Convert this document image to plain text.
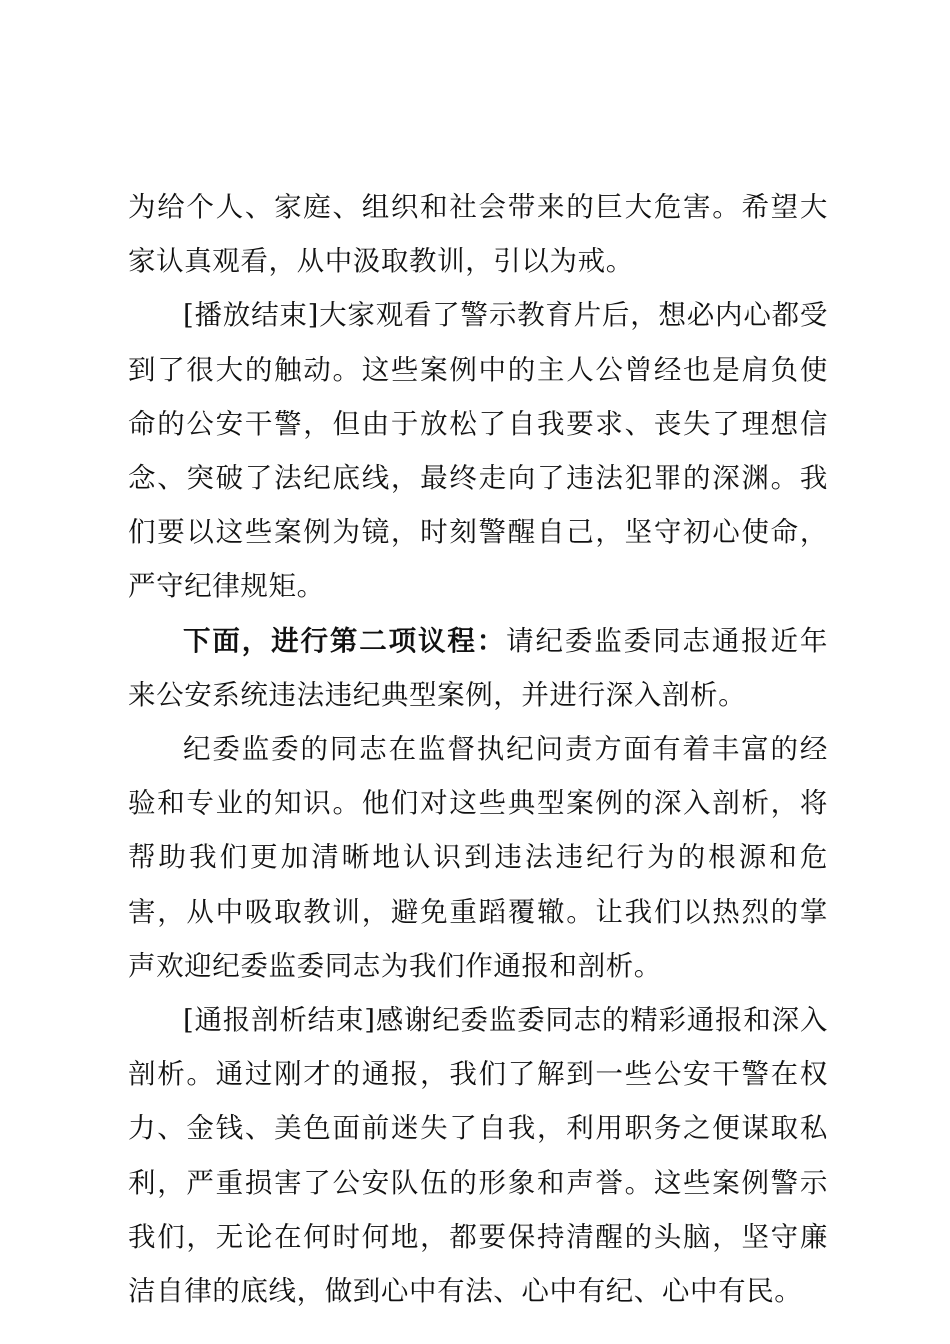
为给个人、家庭、组织和社会带来的巨大危害。希望大家认真观看，从中汲取教训，引以为戒。

[播放结束]大家观看了警示教育片后，想必内心都受到了很大的触动。这些案例中的主人公曾经也是肩负使命的公安干警，但由于放松了自我要求、丧失了理想信念、突破了法纪底线，最终走向了违法犯罪的深渊。我们要以这些案例为镜，时刻警醒自己，坚守初心使命，严守纪律规矩。

下面，进行第二项议程：请纪委监委同志通报近年来公安系统违法违纪典型案例，并进行深入剖析。

纪委监委的同志在监督执纪问责方面有着丰富的经验和专业的知识。他们对这些典型案例的深入剖析，将帮助我们更加清晰地认识到违法违纪行为的根源和危害，从中吸取教训，避免重蹈覆辙。让我们以热烈的掌声欢迎纪委监委同志为我们作通报和剖析。

[通报剖析结束]感谢纪委监委同志的精彩通报和深入剖析。通过刚才的通报，我们了解到一些公安干警在权力、金钱、美色面前迷失了自我，利用职务之便谋取私利，严重损害了公安队伍的形象和声誉。这些案例警示我们，无论在何时何地，都要保持清醒的头脑，坚守廉洁自律的底线，做到心中有法、心中有纪、心中有民。
